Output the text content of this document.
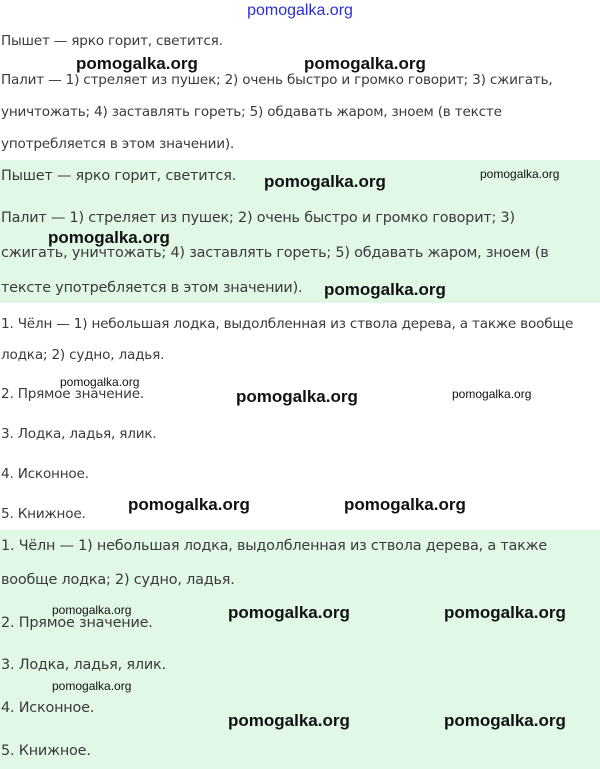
pomogalka.org
Пышет — ярко горит, светится.
Палит — 1) стреляет из пушек; 2) очень быстро и громко говорит; 3) сжигать,
уничтожать; 4) заставлять гореть; 5) обдавать жаром, зноем (в тексте
употребляется в этом значении).
Пышет — ярко горит, светится.
Палит — 1) стреляет из пушек; 2) очень быстро и громко говорит; 3)
сжигать, уничтожать; 4) заставлять гореть; 5) обдавать жаром, зноем (в
тексте употребляется в этом значении).
1. Чёлн — 1) небольшая лодка, выдолбленная из ствола дерева, а также вообще
лодка; 2) судно, ладья.
2. Прямое значение.
3. Лодка, ладья, ялик.
4. Исконное.
5. Книжное.
1. Чёлн — 1) небольшая лодка, выдолбленная из ствола дерева, а также
вообще лодка; 2) судно, ладья.
2. Прямое значение.
3. Лодка, ладья, ялик.
4. Исконное.
5. Книжное.
pomogalka.org	pomogalka.org
pomogalka.org	pomogalka.org
pomogalka.org
pomogalka.org
pomogalka.org
pomogalka.org	pomogalka.org
pomogalka.org	pomogalka.org
pomogalka.org	pomogalka.org	pomogalka.org
pomogalka.org
pomogalka.org	pomogalka.org
